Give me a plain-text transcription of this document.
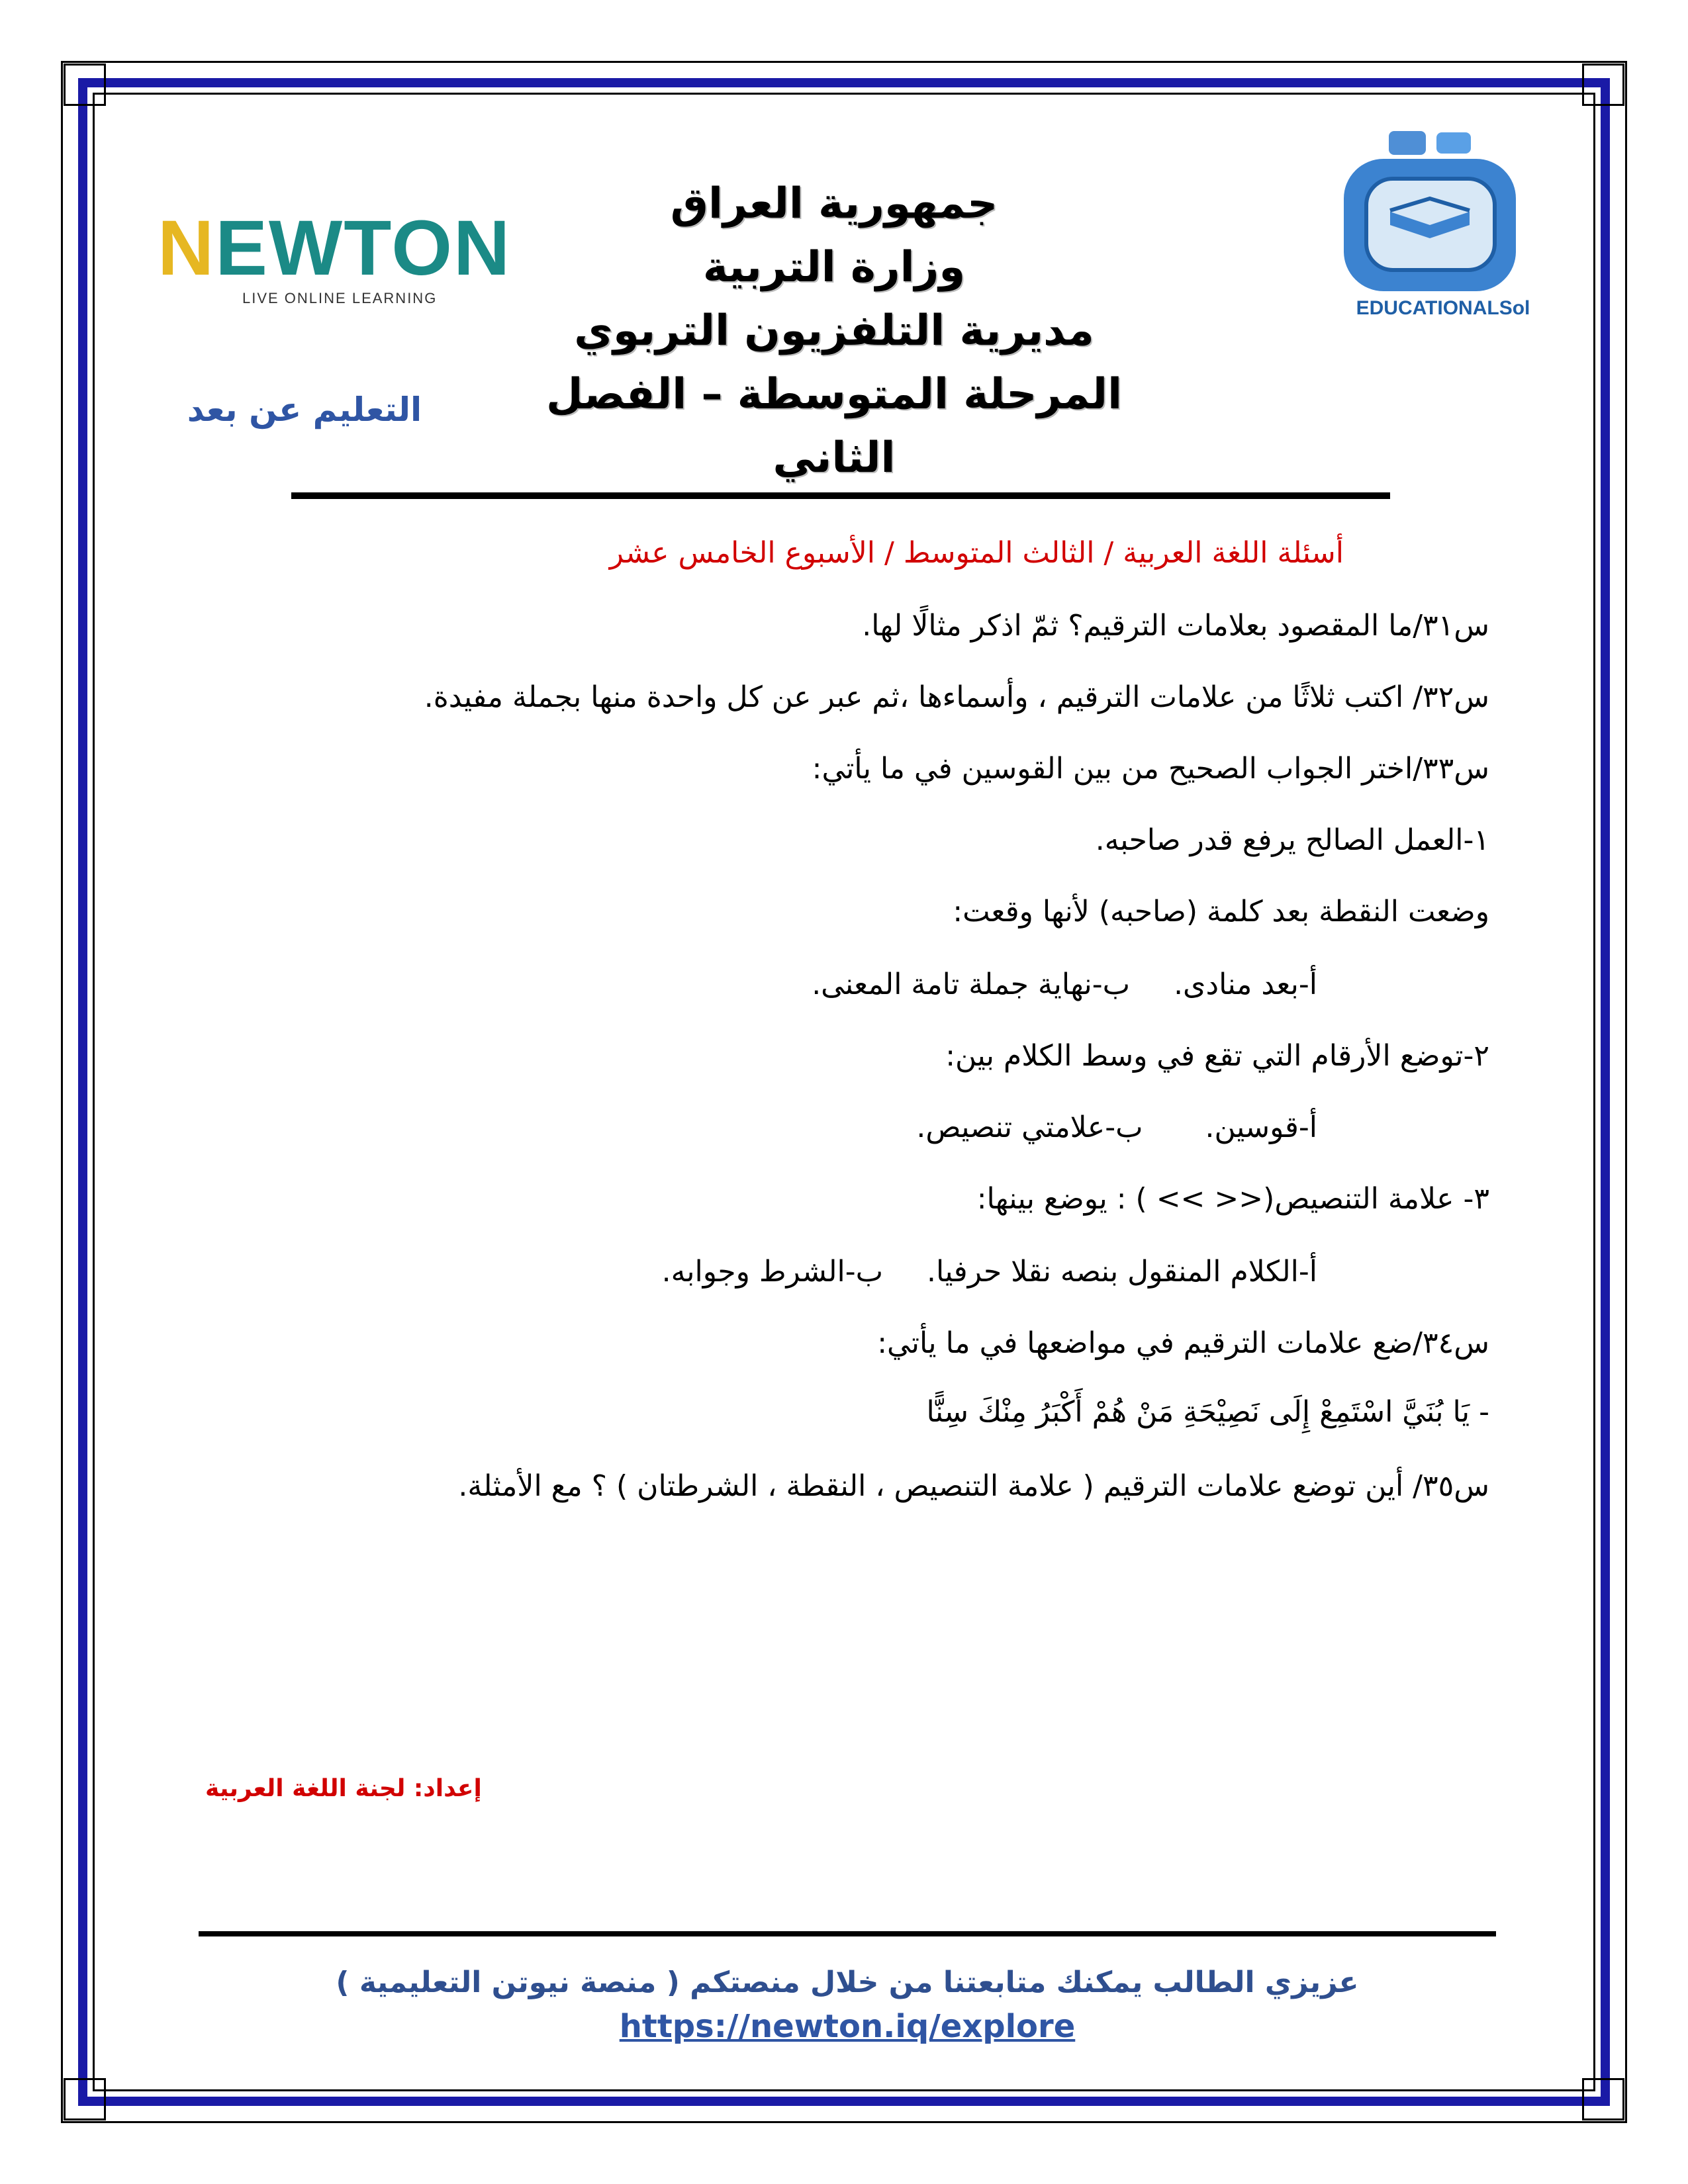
NEWTON
LIVE ONLINE LEARNING	EDUCATIONALSol
جمهورية العراق
وزارة التربية
مديرية التلفزيون التربوي
المرحلة المتوسطة – الفصل الثاني
التعليم عن بعد
أسئلة اللغة العربية / الثالث المتوسط / الأسبوع الخامس عشر
س٣١/ما المقصود بعلامات الترقيم؟ ثمّ اذكر مثالًا لها.
س٣٢/ اكتب ثلاثًا من علامات الترقيم ، وأسماءها ،ثم عبر عن كل واحدة منها بجملة مفيدة.
س٣٣/اختر الجواب الصحيح من بين القوسين في ما يأتي:
١-العمل الصالح يرفع قدر صاحبه.
وضعت النقطة بعد كلمة (صاحبه) لأنها وقعت:
أ-بعد منادى. ب-نهاية جملة تامة المعنى.
٢-توضع الأرقام التي تقع في وسط الكلام بين:
أ-قوسين. ب-علامتي تنصيص.
٣- علامة التنصيص(<< >> ) : يوضع بينها:
أ-الكلام المنقول بنصه نقلا حرفيا. ب-الشرط وجوابه.
س٣٤/ضع علامات الترقيم في مواضعها في ما يأتي:
- يَا بُنَيَّ اسْتَمِعْ إِلَى نَصِيْحَةِ مَنْ هُمْ أَكْبَرُ مِنْكَ سِنًّا
س٣٥/ أين توضع علامات الترقيم ( علامة التنصيص ، النقطة ، الشرطتان ) ؟ مع الأمثلة.
إعداد: لجنة اللغة العربية
عزيزي الطالب يمكنك متابعتنا من خلال منصتكم ( منصة نيوتن التعليمية )
https://newton.iq/explore
